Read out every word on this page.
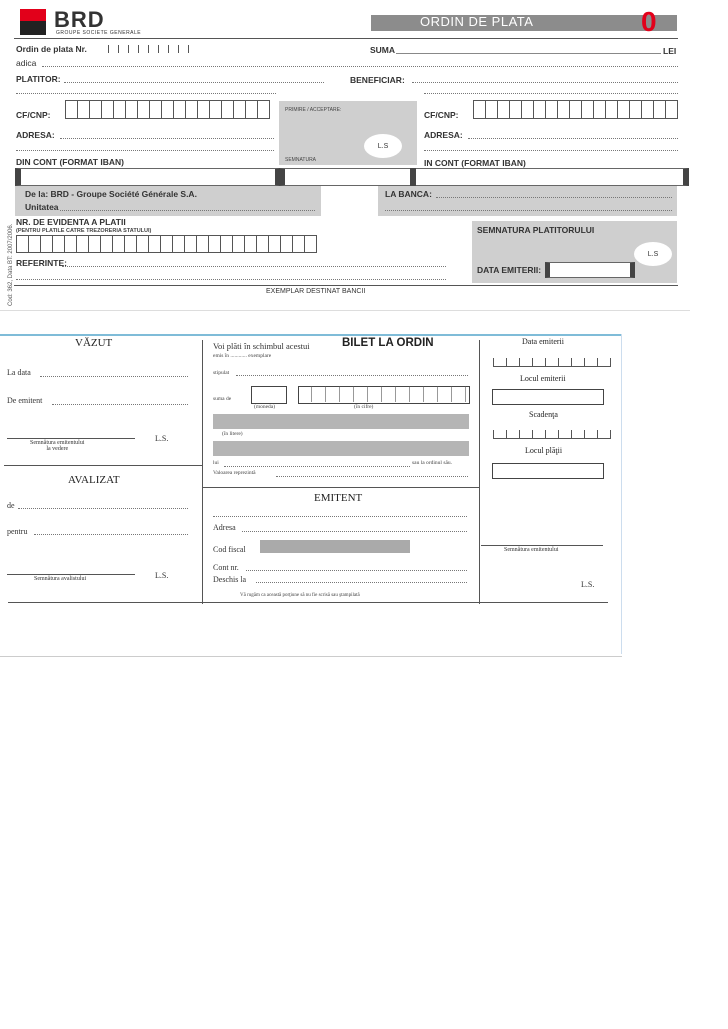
BRD
GROUPE SOCIETE GENERALE
ORDIN DE PLATA	0
Ordin de plata Nr.	SUMA	LEI
adica
PLATITOR:	BENEFICIAR:
CF/CNP:	PRIMIRE / ACCEPTARE:
SEMNATURA
L.S
CF/CNP:
ADRESA:	ADRESA:
DIN CONT (FORMAT IBAN)	IN CONT (FORMAT IBAN)
De la: BRD - Groupe Société Générale S.A.
Unitatea
LA BANCA:
NR. DE EVIDENTA A PLATII
(PENTRU PLATILE CATRE TREZORERIA STATULUI)	SEMNATURA PLATITORULUI
L.S
DATA EMITERII:
REFERINTE:
EXEMPLAR DESTINAT BANCII
Cod: 362, Data BT: 2007/2006.
VĂZUT
La data
De emitent
Semnătura emitentului
la vedere
L.S.
AVALIZAT
de
pentru
Semnătura avalistului	L.S.
Voi plăti în schimbul acestui	BILET LA ORDIN
emis în ............ exemplare
stipulat
suma de
(moneda)	(în cifre)
(în litere)
lui	sau la ordinul său.
Valoarea reprezintă
EMITENT
Adresa
Cod fiscal
Cont nr.
Deschis la
Vă rugăm ca această porţiune să nu fie scrisă sau ştampilată
Data emiterii
Locul emiterii
Scadenţa
Locul plăţii
Semnătura emitentului
L.S.
